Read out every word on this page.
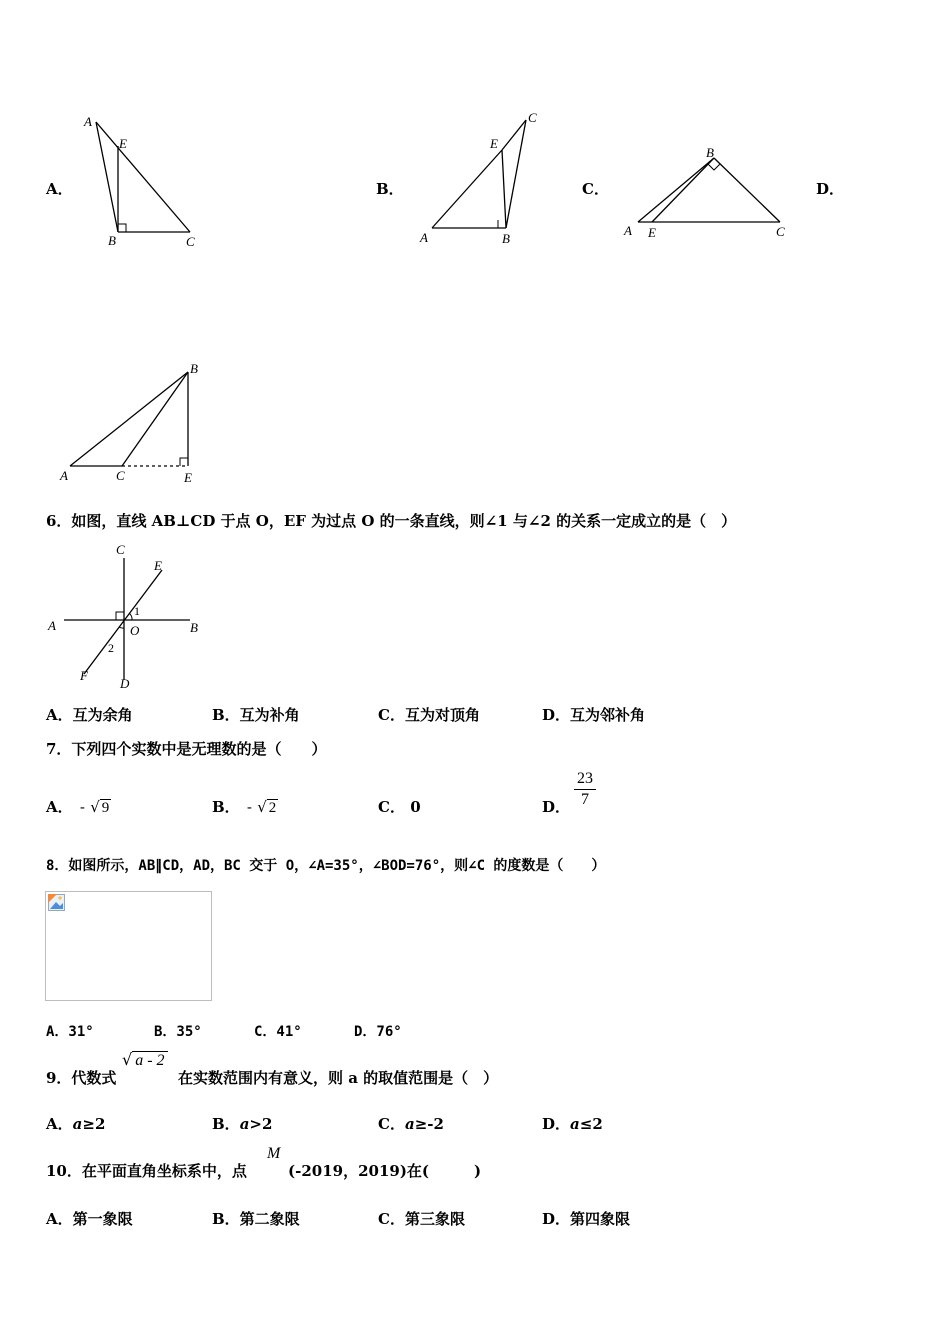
A．
A
E
B	C
B．
A
E
B
C
C．
A E
B
C
D．
A	C
B
E
6．如图，直线 AB⊥CD 于点 O，EF 为过点 O 的一条直线，则∠1 与∠2 的关系一定成立的是（　）
A	B
C
D
E
F
O
1
2
A．互为余角	B．互为补角	C．互为对顶角	D．互为邻补角
7．下列四个实数中是无理数的是（　　）
A． - √ 9	B． - √ 2	C． 0	D． $\frac{23}{7}$
8．如图所示，AB∥CD，AD，BC 交于 O，∠A=35°，∠BOD=76°，则∠C 的度数是（　　）
A．31°	B．35°	C．41°	D．76°
9．代数式
√ a - 2
在实数范围内有意义，则 a 的取值范围是（　）
A．a≥2	B．a>2	C．a≥-2	D．a≤2
10．在平面直角坐标系中，点
M
(-2019，2019)在(　　　)
A．第一象限	B．第二象限	C．第三象限	D．第四象限
